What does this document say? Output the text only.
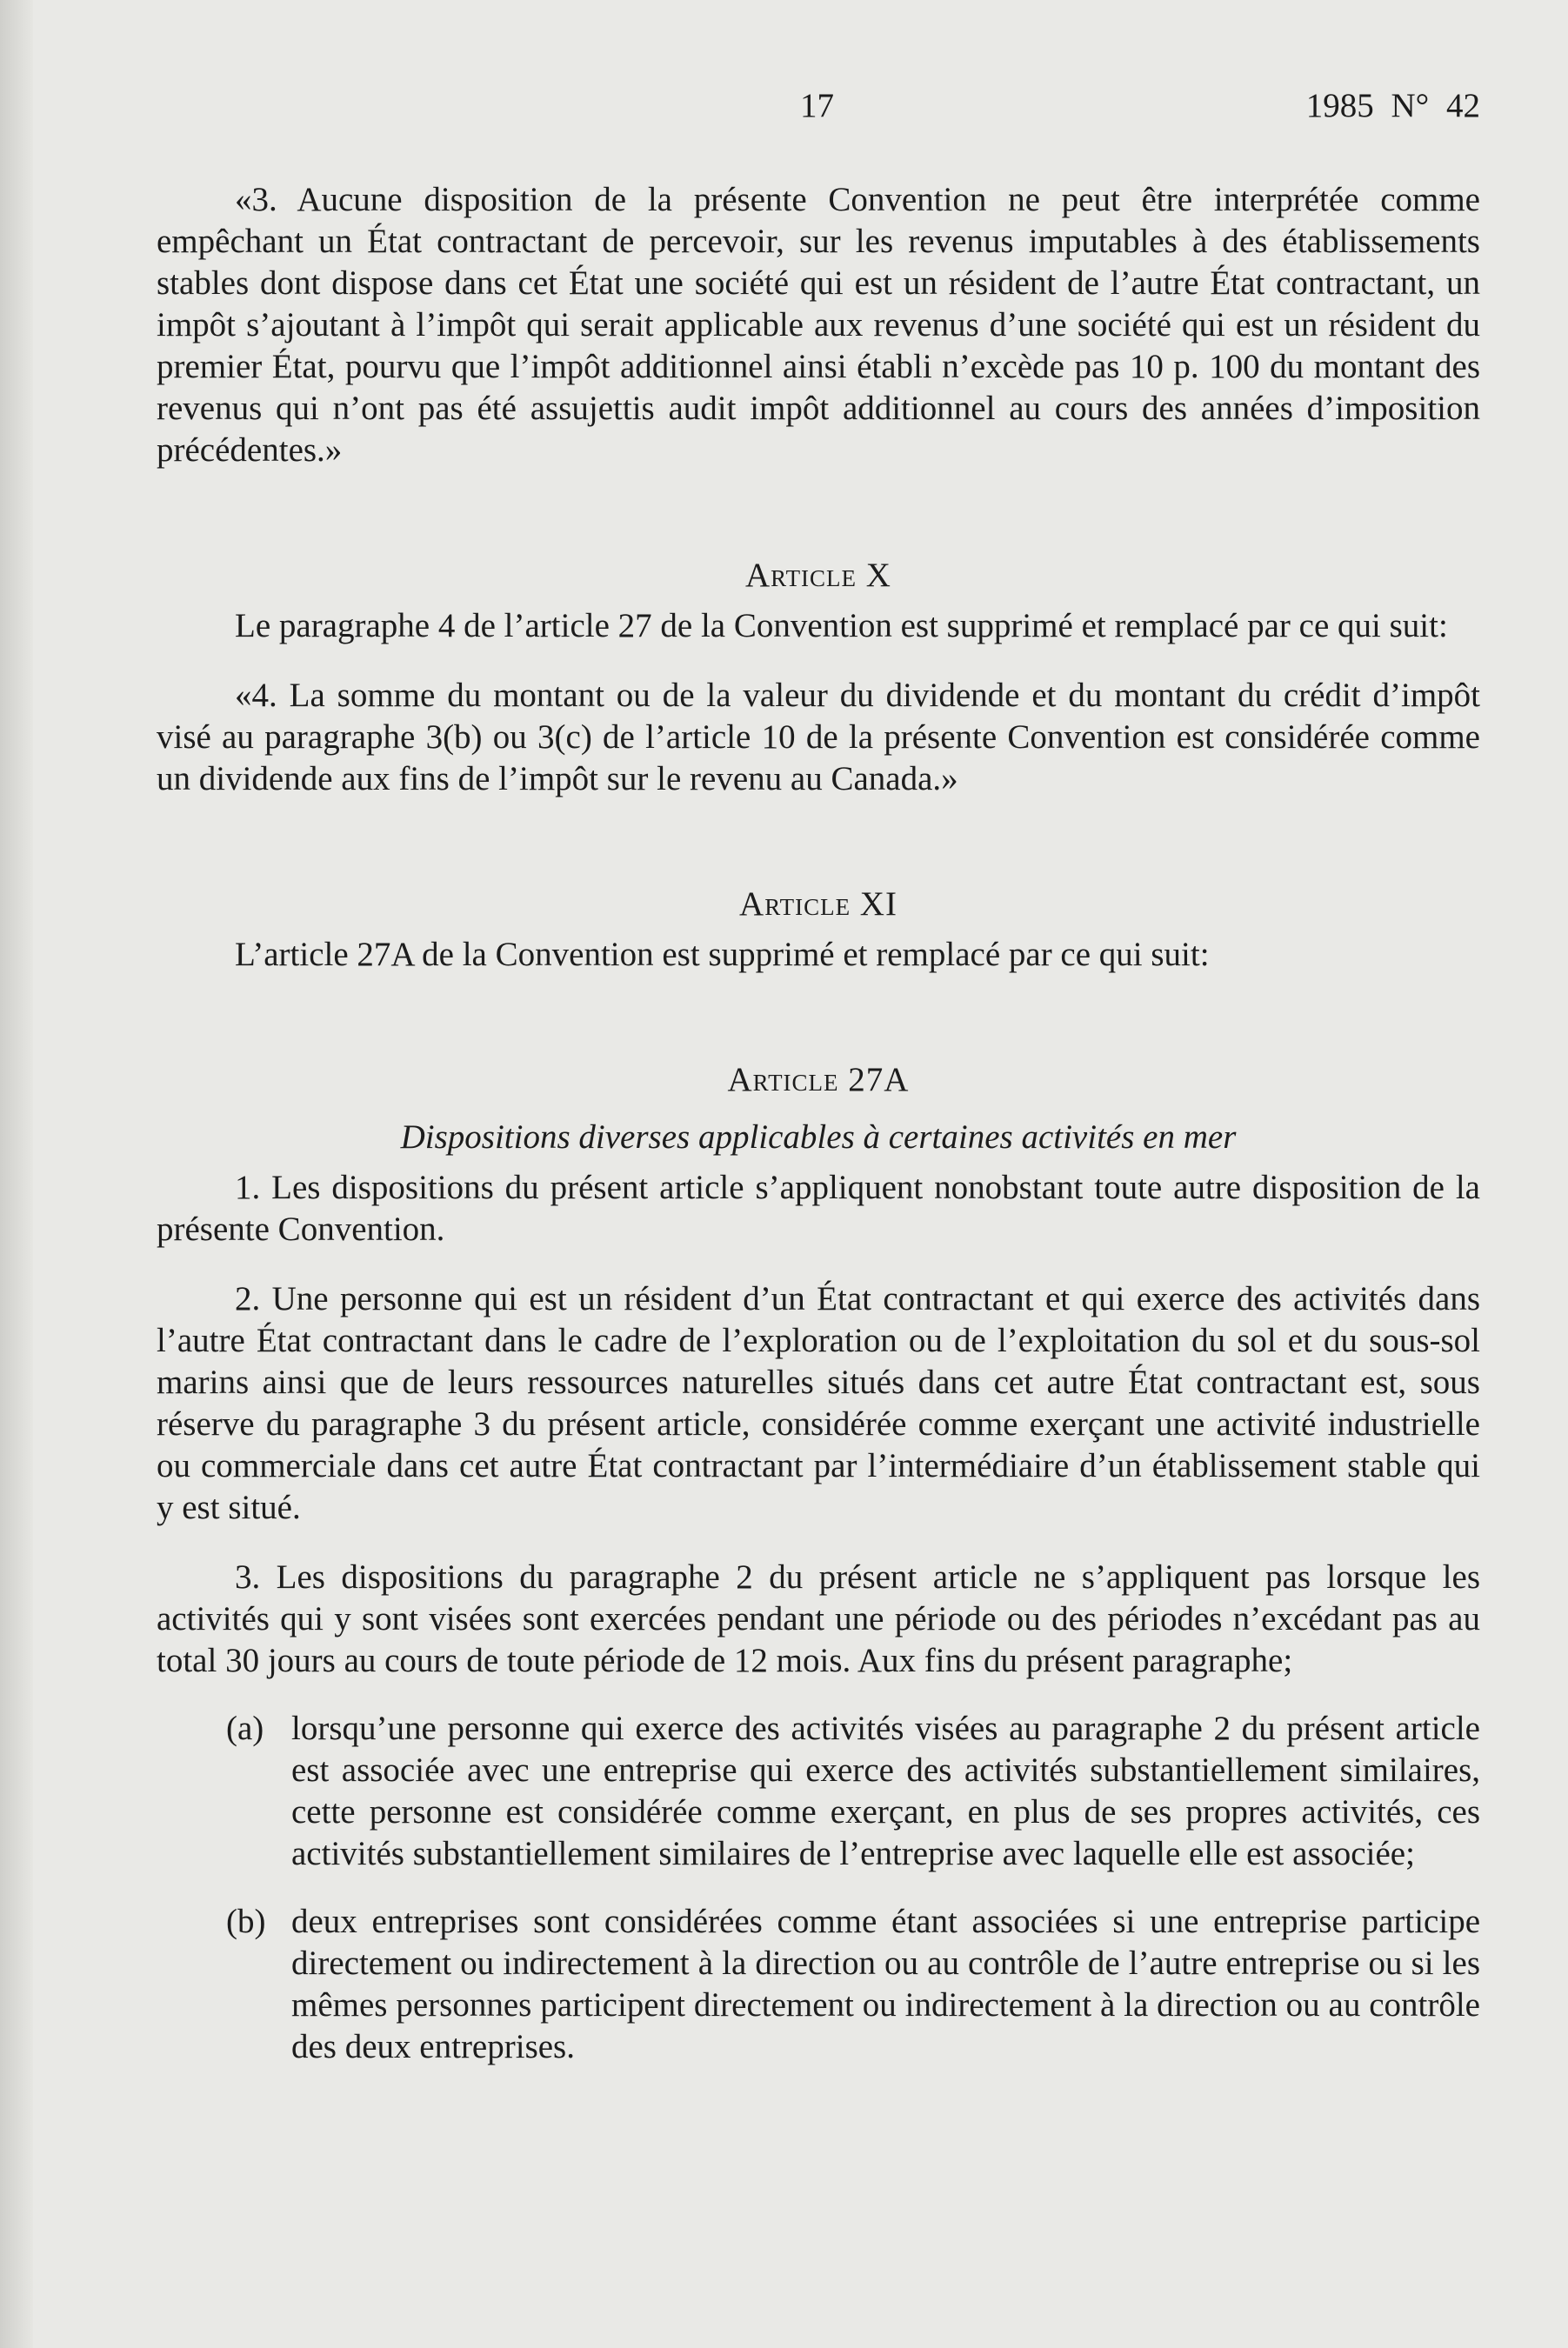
17	1985 N° 42

«3. Aucune disposition de la présente Convention ne peut être interprétée comme empêchant un État contractant de percevoir, sur les revenus imputables à des établissements stables dont dispose dans cet État une société qui est un résident de l’autre État contractant, un impôt s’ajoutant à l’impôt qui serait applicable aux revenus d’une société qui est un résident du premier État, pourvu que l’impôt additionnel ainsi établi n’excède pas 10 p. 100 du montant des revenus qui n’ont pas été assujettis audit impôt additionnel au cours des années d’imposition précédentes.»

Article X

Le paragraphe 4 de l’article 27 de la Convention est supprimé et remplacé par ce qui suit:

«4. La somme du montant ou de la valeur du dividende et du montant du crédit d’impôt visé au paragraphe 3(b) ou 3(c) de l’article 10 de la présente Convention est considérée comme un dividende aux fins de l’impôt sur le revenu au Canada.»

Article XI

L’article 27A de la Convention est supprimé et remplacé par ce qui suit:

Article 27A

Dispositions diverses applicables à certaines activités en mer

1. Les dispositions du présent article s’appliquent nonobstant toute autre disposition de la présente Convention.

2. Une personne qui est un résident d’un État contractant et qui exerce des activités dans l’autre État contractant dans le cadre de l’exploration ou de l’exploitation du sol et du sous-sol marins ainsi que de leurs ressources naturelles situés dans cet autre État contractant est, sous réserve du paragraphe 3 du présent article, considérée comme exerçant une activité industrielle ou commerciale dans cet autre État contractant par l’intermédiaire d’un établissement stable qui y est situé.

3. Les dispositions du paragraphe 2 du présent article ne s’appliquent pas lorsque les activités qui y sont visées sont exercées pendant une période ou des périodes n’excédant pas au total 30 jours au cours de toute période de 12 mois. Aux fins du présent paragraphe;

(a) lorsqu’une personne qui exerce des activités visées au paragraphe 2 du présent article est associée avec une entreprise qui exerce des activités substantiellement similaires, cette personne est considérée comme exerçant, en plus de ses propres activités, ces activités substantiellement similaires de l’entreprise avec laquelle elle est associée;
(b) deux entreprises sont considérées comme étant associées si une entreprise participe directement ou indirectement à la direction ou au contrôle de l’autre entreprise ou si les mêmes personnes participent directement ou indirectement à la direction ou au contrôle des deux entreprises.
